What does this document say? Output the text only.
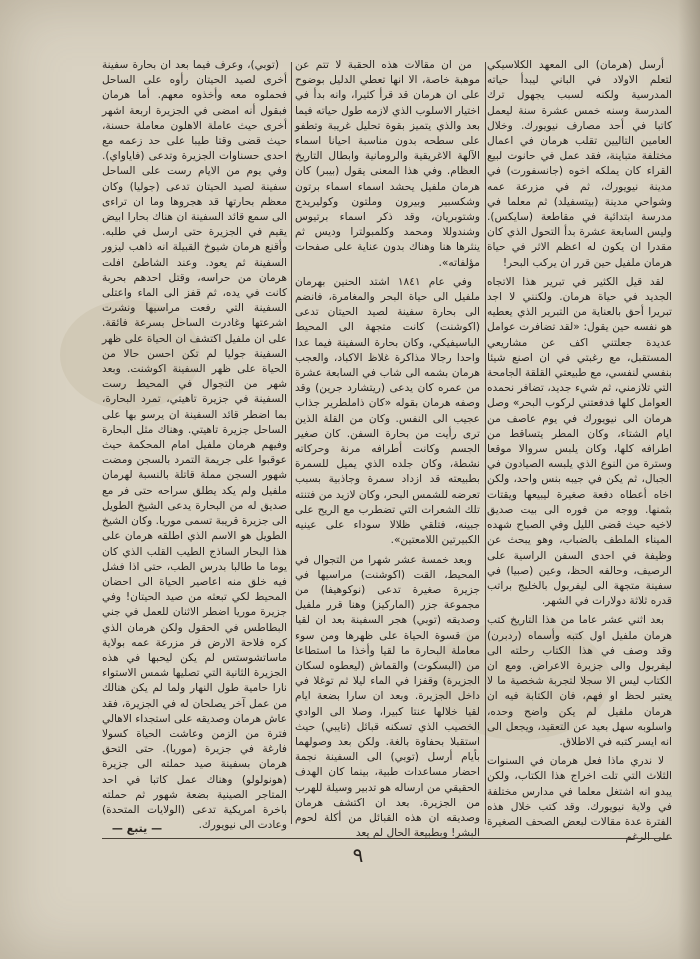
أرسل (هرمان) الى المعهد الكلاسيكي لتعلم الاولاد في الباني ليبدأ حياته المدرسية ولكنه لسبب يجهول ترك المدرسة وسنه خمس عشرة سنة ليعمل كاتبا في أحد مصارف نيويورك. وخلال العامين التاليين تقلب هرمان في اعمال مختلفة متباينة، فقد عمل في حانوت لبيع القراء كان يملكه اخوه (جانسفورت) في مدينة نيويورك، ثم في مزرعة عمه وشواحي مدينة (بيتسفيلد) ثم معلما في مدرسة ابتدائية في مقاطعة (سايكس). وليس السابعة عشرة بدأ التحول الذي كان مقدرا ان يكون له اعظم الاثر في حياة هرمان ملفيل حين قرر ان يركب البحر!

لقد قيل الكثير في تبرير هذا الاتجاه الجديد في حياة هرمان. ولكنني لا اجد تبريرا أحق بالعناية من التبرير الذي يعطيه هو نفسه حين يقول: «لقد تضافرت عوامل عديدة جعلتني اكف عن مشاريعي المستقبل، مع رغبتي في ان اصنع شيئا بنفسي لنفسي، مع طبيعتي القلقة الجامحة التي تلازمني، ثم شيء جديد، تضافر نحمده العوامل كلها فدفعتني لركوب البحر» وصل هرمان الى نيويورك في يوم عاصف من ايام الشتاء، وكان المطر يتساقط من اطرافه كلها، وكان يلبس سروالا موقعا وسترة من النوع الذي يلبسه الصيادون في الجبال، ثم يكن في جيبه بنس واحد، ولكن اخاه أعطاه دفعة صغيرة ليبيعها ويقتات بثمنها. ووجه من فوره الى بيت صديق لاخيه حيث قضى الليل وفي الصباح شهده الميناء الملطف بالضباب، وهو يبحث عن وظيفة في احدى السفن الراسية على الرصيف، وحالفه الحظ، وعين (صبيا) في سفينة متجهة الى ليفربول بالخليج براتب قدره ثلاثة دولارات في الشهر.

بعد اثني عشر عاما من هذا التاريخ كتب هرمان ملفيل اول كتبه وأسماه (ردبرن) وقد وصف في هذا الكتاب رحلته الى ليفربول والى جزيرة الاعراض. ومع ان الكتاب ليس الا سجلا لتجربة شخصية ما لا يعتبر لحظ او فهم، فان الكتابة فيه ان هرمان ملفيل لم يكن واضح وحده، واسلوبه سهل بعيد عن التعقيد، ويجعل الى انه ايسر كتبه في الاطلاق.

لا ندري ماذا فعل هرمان في السنوات الثلاث التي تلت اخراج هذا الكتاب، ولكن يبدو انه اشتغل معلما في مدارس مختلفة في ولاية نيويورك. وقد كتب خلال هذه الفترة عدة مقالات لبعض الصحف الصغيرة على الرغم

من ان مقالات هذه الحقبة لا تتم عن موهبة خاصة، الا انها تعطي الدليل بوضوح على ان هرمان قد قرأ كثيرا، وانه بدأ في اختيار الاسلوب الذي لازمه طول حياته فيما بعد والذي يتميز بقوة تحليل غريبة وتطفو على سطحه بدون مناسبة احيانا اسماء الآلهة الاغريقية والرومانية وابطال التاريخ العظام. وفي هذا المعنى يقول (بيبر) كان هرمان ملفيل يحشد اسماء اسماء برتون وشكسبير وبيرون وملتون وكوليريدج وشتوبريان، وقد ذكر اسماء برتيوس وشندوللا ومحمد وكلمبولترا وديس ثم ينثرها هنا وهناك بدون عناية على صفحات مؤلفاته».

وفي عام ١٨٤١ اشتد الحنين بهرمان ملفيل الى حياة البحر والمغامرة، فانضم الى بحارة سفينة لصيد الحيتان تدعى (اكوشنت) كانت متجهة الى المحيط الباسيفيكي، وكان بحارة السفينة فيما عدا واحدا رجالا مذاكرة غلاظ الاكباد، والعجب هرمان بشمه الى شاب في السابعة عشرة من عمره كان يدعى (ريتشارد جرين) وقد وصفه هرمان بقوله «كان ذاملطرير جذاب عجيب الى النفس. وكان من القلة الذين ترى رأيت من بحارة السفن. كان صغير الجسم وكانت أطرافه مرنة وحركاته نشطة، وكان جلده الذي يميل للسمرة بطبيعته قد ازداد سمرة وجاذبية بسبب تعرضه للشمس البحر، وكان لازيد من فتنته تلك الشعرات التي تضطرب مع الريح على جبينه، فتلقي ظلالا سوداء على عينيه الكبيرتين اللامعتين».

وبعد خمسة عشر شهرا من التجوال في المحيط، القت (اكوشنت) مراسيها في جزيرة صغيرة تدعى (نوكوهيفا) من مجموعة جزر (الماركيز) وهنا قرر ملفيل وصديقه (توبي) هجر السفينة بعد ان لقيا من قسوة الحياة على ظهرها ومن سوء معاملة البحارة ما لقيا وأخذا ما استطاعا من (البسكوت) والقماش (ليعطوه لسكان الجزيرة) وقفزا في الماء ليلا ثم توغلا في داخل الجزيرة. وبعد ان سارا بضعة ايام لقيا خلالها عنتا كبيرا، وصلا الى الوادي الخصيب الذي تسكنه قبائل (تايبي) حيث استقبلا بحفاوة بالغة. ولكن بعد وصولهما بأيام أرسل (توبي) الى السفينة نجمة احضار مساعدات طبية، بينما كان الهدف الحقيقي من ارساله هو تدبير وسيلة للهرب من الجزيرة. بعد ان اكتشف هرمان وصديقه ان هذه القبائل من أكلة لحوم البشر! وبطبيعة الحال لم يعد

(توبي)، وعرف فيما بعد ان بحارة سفينة أخرى لصيد الحيتان رأوه على الساحل فحملوه معه وأخذوه معهم. أما هرمان فبقول أنه امضى في الجزيرة اربعة اشهر أخرى حيث عاملة الاهلون معاملة حسنة، حيث قضى وقتا طيبا على حد زعمه مع احدى حسناوات الجزيرة وتدعى (فاياواي). وفي يوم من الايام رست على الساحل سفينة لصيد الحيتان تدعى (جوليا) وكان معظم بحارتها قد هجروها وما ان تراءى الى سمع قائد السفينة ان هناك بحارا ابيض يقيم في الجزيرة حتى ارسل في طلبه. وأقنع هرمان شيوخ القبيلة انه ذاهب ليزور السفينة ثم يعود. وعند الشاطئ افلت هرمان من حراسه، وقتل احدهم بحربة كانت في يده، ثم قفز الى الماء واعتلى السفينة التي رفعت مراسيها ونشرت اشرعتها وغادرت الساحل بسرعة فائقة. على ان ملفيل اكتشف ان الحياة على ظهر السفينة جوليا لم تكن احسن حالا من الحياة على ظهر السفينة اكوشنت. وبعد شهر من التجوال في المحيط رست السفينة في جزيرة تاهيتي، تمرد البحارة، بما اضطر قائد السفينة ان يرسو بها على الساحل جزيرة تاهيتي. وهناك مثل البحارة وفيهم هرمان ملفيل امام المحكمة حيث عوقبوا على جريمة التمرد بالسجن ومضت شهور السجن مملة قاتلة بالنسبة لهرمان ملفيل ولم يكد يطلق سراحه حتى فر مع صديق له من البحارة يدعى الشيخ الطويل الى جزيرة قريبة تسمى موريا. وكان الشيخ الطويل هو الاسم الذي اطلقه هرمان على هذا البحار الساذج الطيب القلب الذي كان يوما ما طالبا بدرس الطب، حتى اذا فشل فيه خلق منه اعاصير الحياة الى احضان المحيط لكي تبعثه من صيد الحيتان! وفي جزيرة موريا اضطر الاثنان للعمل في جني البطاطس في الحقول ولكن هرمان الذي كره فلاحة الارض فر مزرعة عمه بولاية ماساتشوستس لم يكن ليحبها في هذه الجزيرة الثانية التي تصليها شمس الاستواء نارا حامية طول النهار ولما لم يكن هنالك من عمل آخر يصلحان له في الجزيرة، فقد عاش هرمان وصديقه على استجداء الاهالي فترة من الزمن وعاشت الحياة كسولا فارغة في جزيرة (موريا). حتى التحق هرمان بسفينة صيد حملته الى جزيرة (هونولولو) وهناك عمل كاتبا في احد المتاجر الصينية بضعة شهور ثم حملته باخرة امريكية تدعى (الولايات المتحدة) وعادت الى نيويورك.

— يتبع —
٩
